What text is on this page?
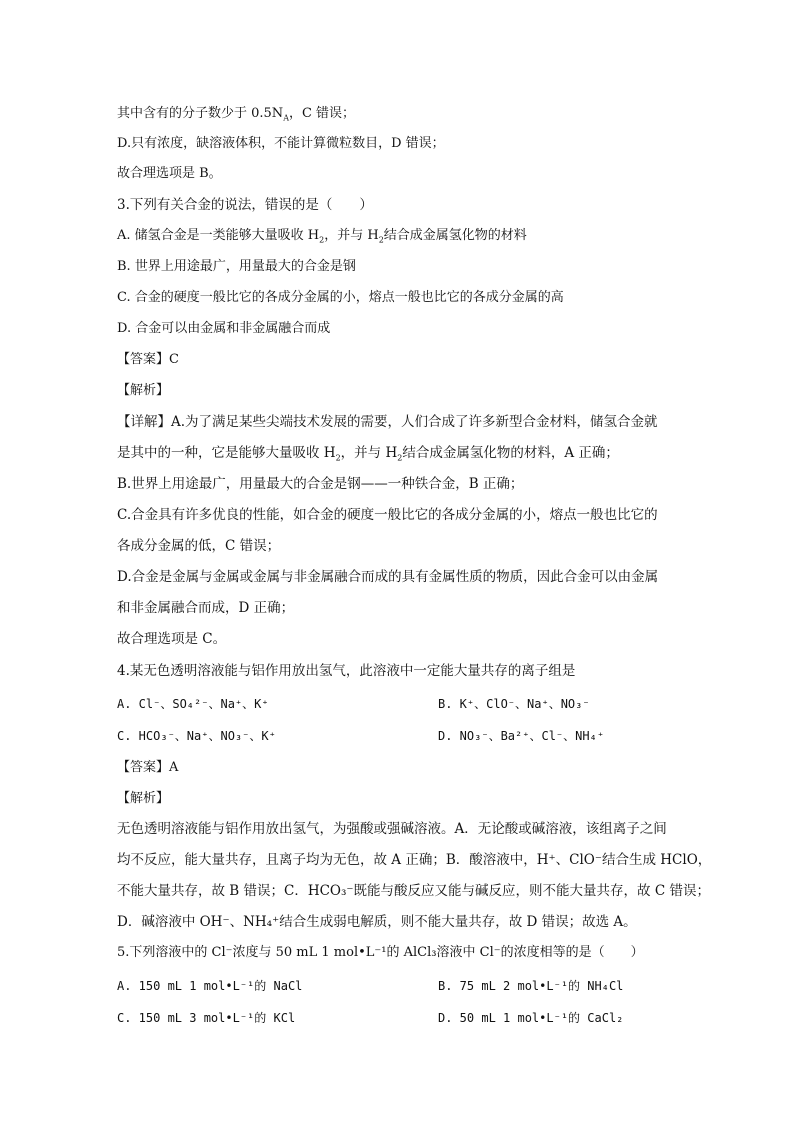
其中含有的分子数少于 $0.5N_A$，C 错误；
D.只有浓度，缺溶液体积，不能计算微粒数目，D 错误；
故合理选项是 B。
3.下列有关合金的说法，错误的是（　　）
A. 储氢合金是一类能够大量吸收 $H_2$，并与 $H_2$结合成金属氢化物的材料
B. 世界上用途最广，用量最大的合金是钢
C. 合金的硬度一般比它的各成分金属的小，熔点一般也比它的各成分金属的高
D. 合金可以由金属和非金属融合而成
【答案】C
【解析】
【详解】A.为了满足某些尖端技术发展的需要，人们合成了许多新型合金材料，储氢合金就
是其中的一种，它是能够大量吸收 $H_2$，并与 $H_2$结合成金属氢化物的材料，A 正确；
B.世界上用途最广，用量最大的合金是钢——一种铁合金，B 正确；
C.合金具有许多优良的性能，如合金的硬度一般比它的各成分金属的小，熔点一般也比它的
各成分金属的低，C 错误；
D.合金是金属与金属或金属与非金属融合而成的具有金属性质的物质，因此合金可以由金属
和非金属融合而成，D 正确；
故合理选项是 C。
4.某无色透明溶液能与铝作用放出氢气，此溶液中一定能大量共存的离子组是
A. Cl⁻、SO₄²⁻、Na⁺、K⁺	B. K⁺、ClO⁻、Na⁺、NO₃⁻
C. HCO₃⁻、Na⁺、NO₃⁻、K⁺	D. NO₃⁻、Ba²⁺、Cl⁻、NH₄⁺
【答案】A
【解析】
无色透明溶液能与铝作用放出氢气，为强酸或强碱溶液。A．无论酸或碱溶液，该组离子之间
均不反应，能大量共存，且离子均为无色，故 A 正确；B．酸溶液中，H⁺、ClO⁻结合生成 HClO，
不能大量共存，故 B 错误；C．HCO₃⁻既能与酸反应又能与碱反应，则不能大量共存，故 C 错误；
D．碱溶液中 OH⁻、NH₄⁺结合生成弱电解质，则不能大量共存，故 D 错误；故选 A。
5.下列溶液中的 Cl⁻浓度与 50 mL 1 mol•L⁻¹的 AlCl₃溶液中 Cl⁻的浓度相等的是（　　）
A. 150 mL 1 mol•L⁻¹的 NaCl	B. 75 mL 2 mol•L⁻¹的 NH₄Cl
C. 150 mL 3 mol•L⁻¹的 KCl	D. 50 mL 1 mol•L⁻¹的 CaCl₂
